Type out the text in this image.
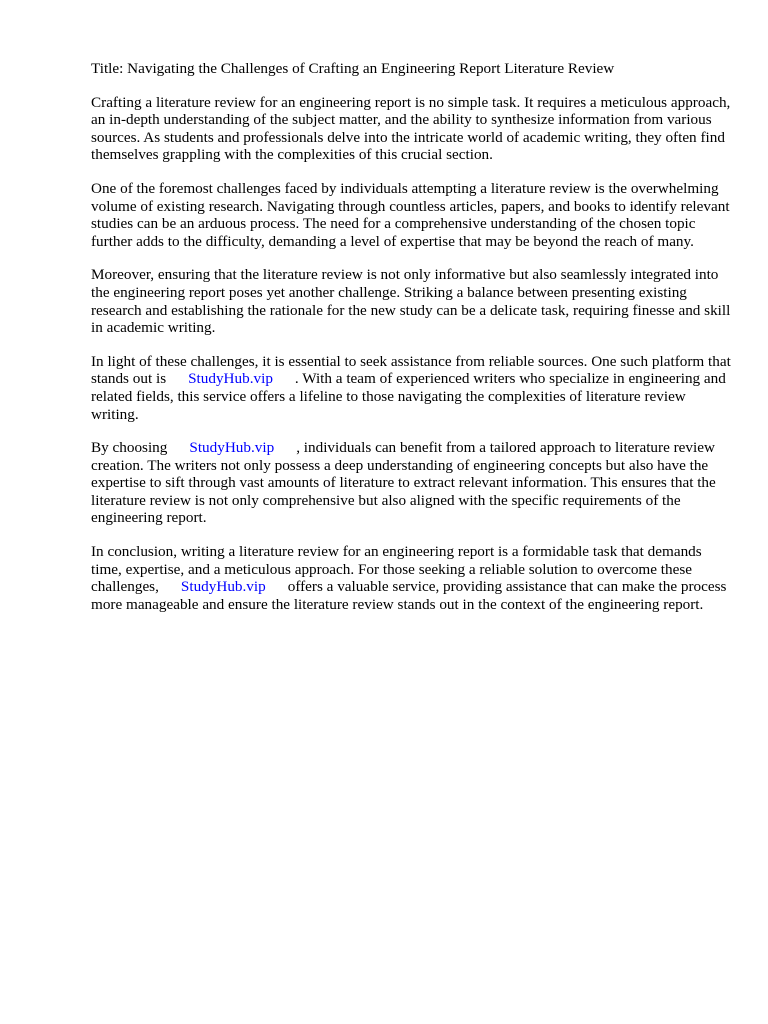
Title: Navigating the Challenges of Crafting an Engineering Report Literature Review

Crafting a literature review for an engineering report is no simple task. It requires a meticulous approach, an in-depth understanding of the subject matter, and the ability to synthesize information from various sources. As students and professionals delve into the intricate world of academic writing, they often find themselves grappling with the complexities of this crucial section.

One of the foremost challenges faced by individuals attempting a literature review is the overwhelming volume of existing research. Navigating through countless articles, papers, and books to identify relevant studies can be an arduous process. The need for a comprehensive understanding of the chosen topic further adds to the difficulty, demanding a level of expertise that may be beyond the reach of many.

Moreover, ensuring that the literature review is not only informative but also seamlessly integrated into the engineering report poses yet another challenge. Striking a balance between presenting existing research and establishing the rationale for the new study can be a delicate task, requiring finesse and skill in academic writing.

In light of these challenges, it is essential to seek assistance from reliable sources. One such platform that stands out is StudyHub.vip . With a team of experienced writers who specialize in engineering and related fields, this service offers a lifeline to those navigating the complexities of literature review writing.

By choosing StudyHub.vip , individuals can benefit from a tailored approach to literature review creation. The writers not only possess a deep understanding of engineering concepts but also have the expertise to sift through vast amounts of literature to extract relevant information. This ensures that the literature review is not only comprehensive but also aligned with the specific requirements of the engineering report.

In conclusion, writing a literature review for an engineering report is a formidable task that demands time, expertise, and a meticulous approach. For those seeking a reliable solution to overcome these challenges, StudyHub.vip offers a valuable service, providing assistance that can make the process more manageable and ensure the literature review stands out in the context of the engineering report.
